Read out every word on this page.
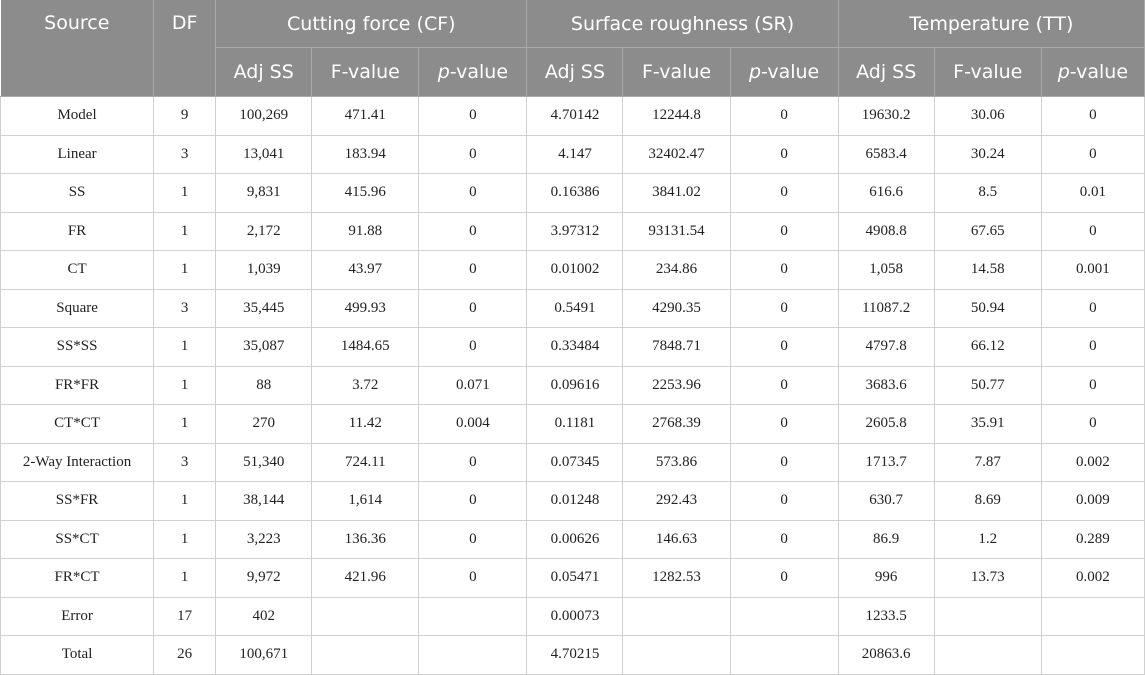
Source	DF	Cutting force (CF)			Surface roughness (SR)			Temperature (TT)		
		Adj SS	F-value	p-value	Adj SS	F-value	p-value	Adj SS	F-value	p-value
Model	9	100,269	471.41	0	4.70142	12244.8	0	19630.2	30.06	0
Linear	3	13,041	183.94	0	4.147	32402.47	0	6583.4	30.24	0
SS	1	9,831	415.96	0	0.16386	3841.02	0	616.6	8.5	0.01
FR	1	2,172	91.88	0	3.97312	93131.54	0	4908.8	67.65	0
CT	1	1,039	43.97	0	0.01002	234.86	0	1,058	14.58	0.001
Square	3	35,445	499.93	0	0.5491	4290.35	0	11087.2	50.94	0
SS*SS	1	35,087	1484.65	0	0.33484	7848.71	0	4797.8	66.12	0
FR*FR	1	88	3.72	0.071	0.09616	2253.96	0	3683.6	50.77	0
CT*CT	1	270	11.42	0.004	0.1181	2768.39	0	2605.8	35.91	0
2-Way Interaction	3	51,340	724.11	0	0.07345	573.86	0	1713.7	7.87	0.002
SS*FR	1	38,144	1,614	0	0.01248	292.43	0	630.7	8.69	0.009
SS*CT	1	3,223	136.36	0	0.00626	146.63	0	86.9	1.2	0.289
FR*CT	1	9,972	421.96	0	0.05471	1282.53	0	996	13.73	0.002
Error	17	402			0.00073			1233.5		
Total	26	100,671			4.70215			20863.6		
